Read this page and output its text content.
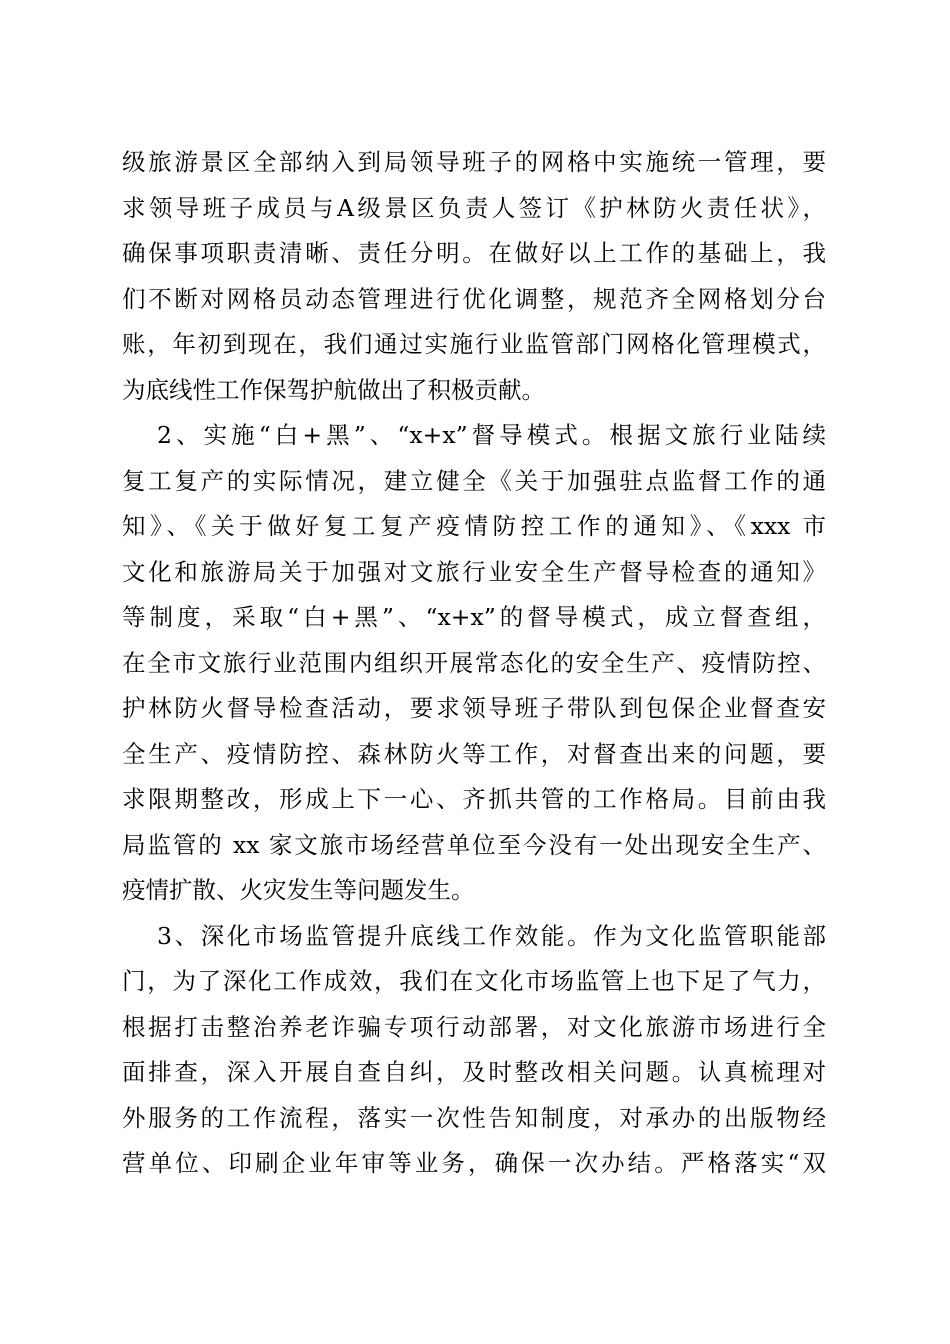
级旅游景区全部纳入到局领导班子的网格中实施统一管理，要
求领导班子成员与A级景区负责人签订《护林防火责任状》，
确保事项职责清晰、责任分明。在做好以上工作的基础上，我
们不断对网格员动态管理进行优化调整，规范齐全网格划分台
账，年初到现在，我们通过实施行业监管部门网格化管理模式，
为底线性工作保驾护航做出了积极贡献。
2、实施“白+黑”、“x+x”督导模式。根据文旅行业陆续
复工复产的实际情况，建立健全《关于加强驻点监督工作的通
知》、《关于做好复工复产疫情防控工作的通知》、《xxx 市
文化和旅游局关于加强对文旅行业安全生产督导检查的通知》
等制度，采取“白+黑”、“x+x”的督导模式，成立督查组，
在全市文旅行业范围内组织开展常态化的安全生产、疫情防控、
护林防火督导检查活动，要求领导班子带队到包保企业督查安
全生产、疫情防控、森林防火等工作，对督查出来的问题，要
求限期整改，形成上下一心、齐抓共管的工作格局。目前由我
局监管的 xx 家文旅市场经营单位至今没有一处出现安全生产、
疫情扩散、火灾发生等问题发生。
3、深化市场监管提升底线工作效能。作为文化监管职能部
门，为了深化工作成效，我们在文化市场监管上也下足了气力，
根据打击整治养老诈骗专项行动部署，对文化旅游市场进行全
面排查，深入开展自查自纠，及时整改相关问题。认真梳理对
外服务的工作流程，落实一次性告知制度，对承办的出版物经
营单位、印刷企业年审等业务，确保一次办结。严格落实“双
